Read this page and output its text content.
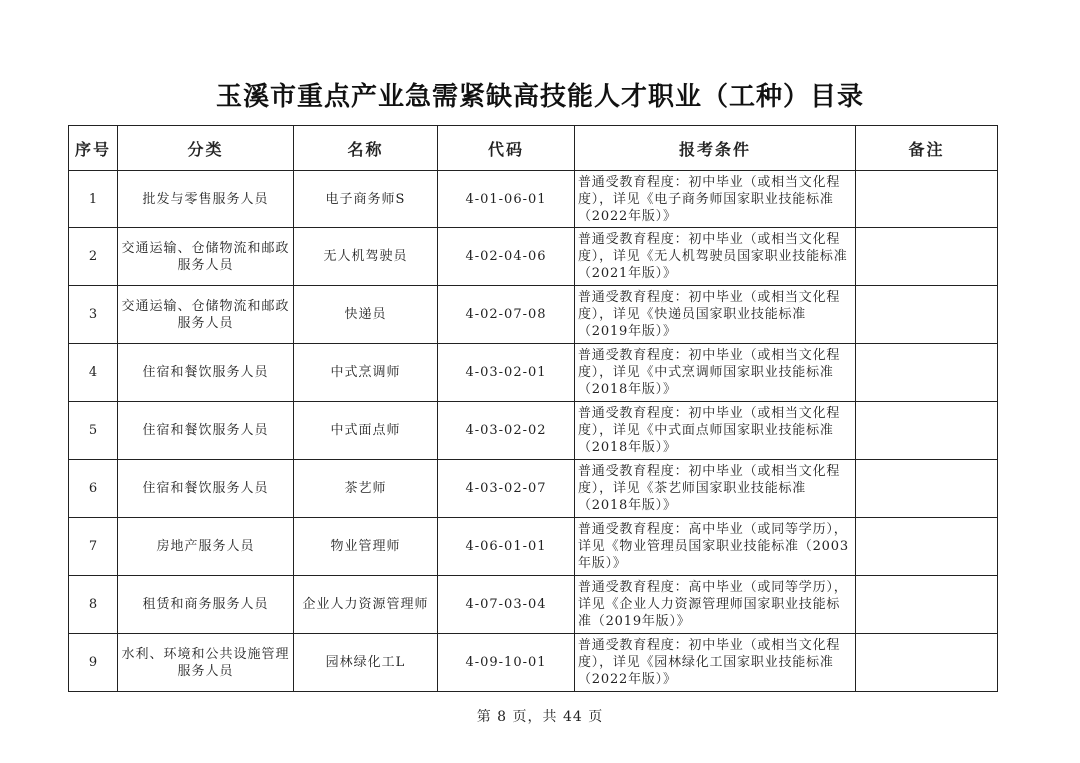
玉溪市重点产业急需紧缺高技能人才职业（工种）目录
序号	分类	名称	代码	报考条件	备注
1	批发与零售服务人员	电子商务师S	4-01-06-01	普通受教育程度：初中毕业（或相当文化程度），详见《电子商务师国家职业技能标准（2022年版）》	
2	交通运输、仓储物流和邮政服务人员	无人机驾驶员	4-02-04-06	普通受教育程度：初中毕业（或相当文化程度），详见《无人机驾驶员国家职业技能标准（2021年版）》	
3	交通运输、仓储物流和邮政服务人员	快递员	4-02-07-08	普通受教育程度：初中毕业（或相当文化程度），详见《快递员国家职业技能标准（2019年版）》	
4	住宿和餐饮服务人员	中式烹调师	4-03-02-01	普通受教育程度：初中毕业（或相当文化程度），详见《中式烹调师国家职业技能标准（2018年版）》	
5	住宿和餐饮服务人员	中式面点师	4-03-02-02	普通受教育程度：初中毕业（或相当文化程度），详见《中式面点师国家职业技能标准（2018年版）》	
6	住宿和餐饮服务人员	茶艺师	4-03-02-07	普通受教育程度：初中毕业（或相当文化程度），详见《茶艺师国家职业技能标准（2018年版）》	
7	房地产服务人员	物业管理师	4-06-01-01	普通受教育程度：高中毕业（或同等学历），详见《物业管理员国家职业技能标准（2003年版）》	
8	租赁和商务服务人员	企业人力资源管理师	4-07-03-04	普通受教育程度：高中毕业（或同等学历），详见《企业人力资源管理师国家职业技能标准（2019年版）》	
9	水利、环境和公共设施管理服务人员	园林绿化工L	4-09-10-01	普通受教育程度：初中毕业（或相当文化程度），详见《园林绿化工国家职业技能标准（2022年版）》	
第 8 页，共 44 页
